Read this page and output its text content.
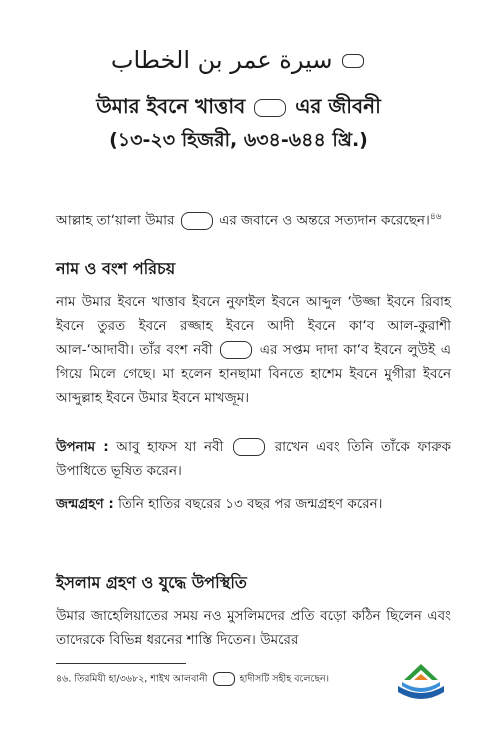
سيرة عمر بن الخطاب
উমার ইবনে খাত্তাব এর জীবনী
(১৩-২৩ হিজরী, ৬৩৪-৬৪৪ খ্রি.)
আল্লাহ তা‘য়ালা উমার	এর জবানে ও অন্তরে সত্যদান করেছেন।$^{৪৬}$
নাম ও বংশ পরিচয়
নাম উমার ইবনে খাত্তাব ইবনে নুফাইল ইবনে আব্দুল ‘উজ্জা ইবনে রিবাহ ইবনে তুরত ইবনে রজ্জাহ ইবনে আদী ইবনে কা‘ব আল-কুরাশী আল-‘আদাবী। তাঁর বংশ নবী	এর সপ্তম দাদা কা‘ব ইবনে লুউই এ গিয়ে মিলে গেছে। মা হলেন হানছামা বিনতে হাশেম ইবনে মুগীরা ইবনে আব্দুল্লাহ ইবনে উমার ইবনে মাখজূম।
উপনাম : আবু হাফস যা নবী	রাখেন এবং তিনি তাঁকে ফারুক উপাধিতে ভূষিত করেন।
জন্মগ্রহণ : তিনি হাতির বছরের ১৩ বছর পর জন্মগ্রহণ করেন।
ইসলাম গ্রহণ ও যুদ্ধে উপস্থিতি
উমার জাহেলিয়াতের সময় নও মুসলিমদের প্রতি বড়ো কঠিন ছিলেন এবং তাদেরকে বিভিন্ন ধরনের শাস্তি দিতেন। উমরের
৪৬. তিরমিযী হা/৩৬৮২, শাইখ আলবানী	হাদীসটি সহীহ বলেছেন।
